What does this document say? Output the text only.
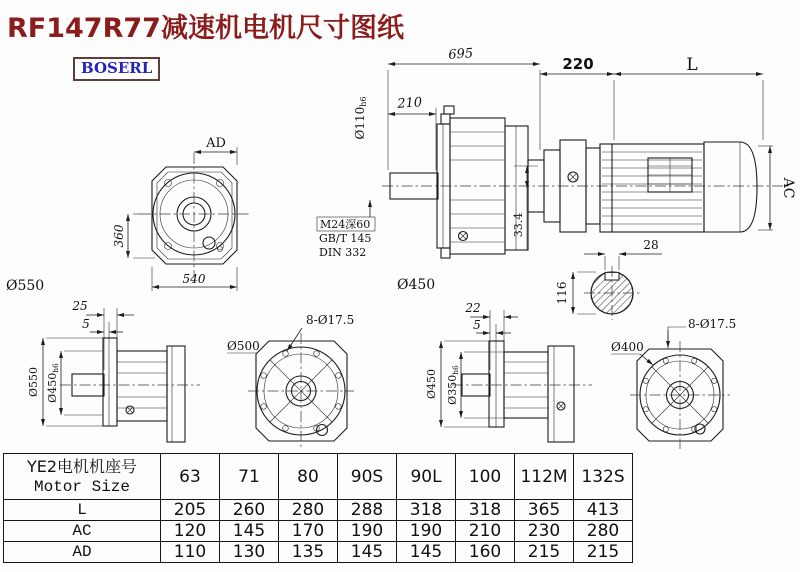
RF147R77减速机电机尺寸图纸
BOSERL
AD
360
540
Ø550
695
210
220	L
Ø110h6
M24深60
GB/T 145
DIN 332
33.4
AC
Ø450
28
116
25
5
Ø550 Ø450h6
8-Ø17.5
Ø500
22
5
Ø450 Ø350h6
8-Ø17.5
Ø400
YE2电机机座号
Motor Size	63	71	80	90S	90L	100	112M	132S
L	205	260	280	288	318	318	365	413
AC	120	145	170	190	190	210	230	280
AD	110	130	135	145	145	160	215	215
